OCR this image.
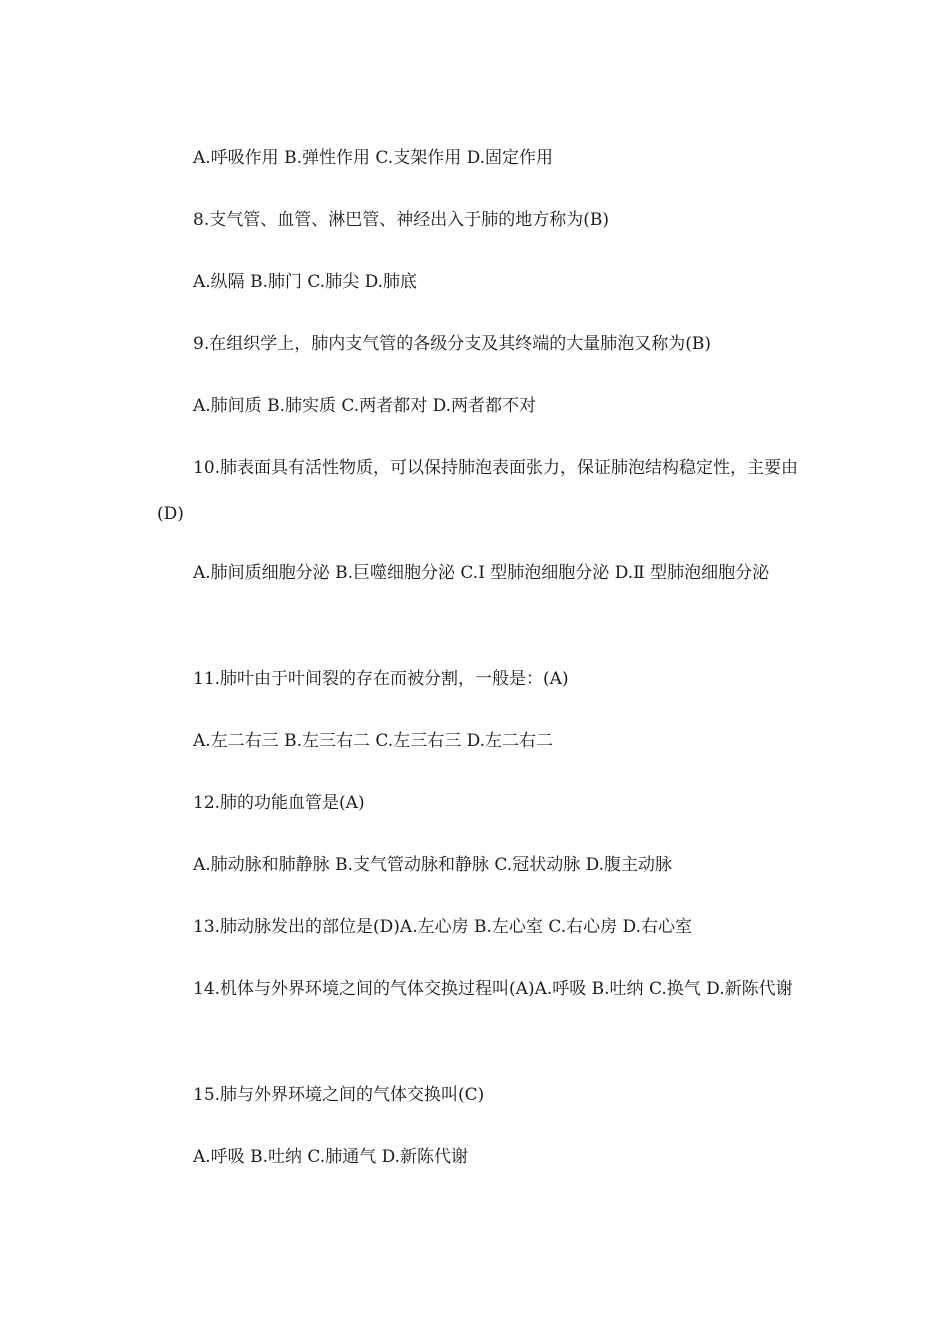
A.呼吸作用 B.弹性作用 C.支架作用 D.固定作用

8.支气管、血管、淋巴管、神经出入于肺的地方称为(B)

A.纵隔 B.肺门 C.肺尖 D.肺底

9.在组织学上，肺内支气管的各级分支及其终端的大量肺泡又称为(B)

A.肺间质 B.肺实质 C.两者都对 D.两者都不对

10.肺表面具有活性物质，可以保持肺泡表面张力，保证肺泡结构稳定性，主要由(D)

A.肺间质细胞分泌 B.巨噬细胞分泌 C.Ⅰ 型肺泡细胞分泌 D.Ⅱ 型肺泡细胞分泌

11.肺叶由于叶间裂的存在而被分割，一般是：(A)

A.左二右三 B.左三右二 C.左三右三 D.左二右二

12.肺的功能血管是(A)

A.肺动脉和肺静脉 B.支气管动脉和静脉 C.冠状动脉 D.腹主动脉

13.肺动脉发出的部位是(D)A.左心房 B.左心室 C.右心房 D.右心室

14.机体与外界环境之间的气体交换过程叫(A)A.呼吸 B.吐纳 C.换气 D.新陈代谢

15.肺与外界环境之间的气体交换叫(C)

A.呼吸 B.吐纳 C.肺通气 D.新陈代谢
